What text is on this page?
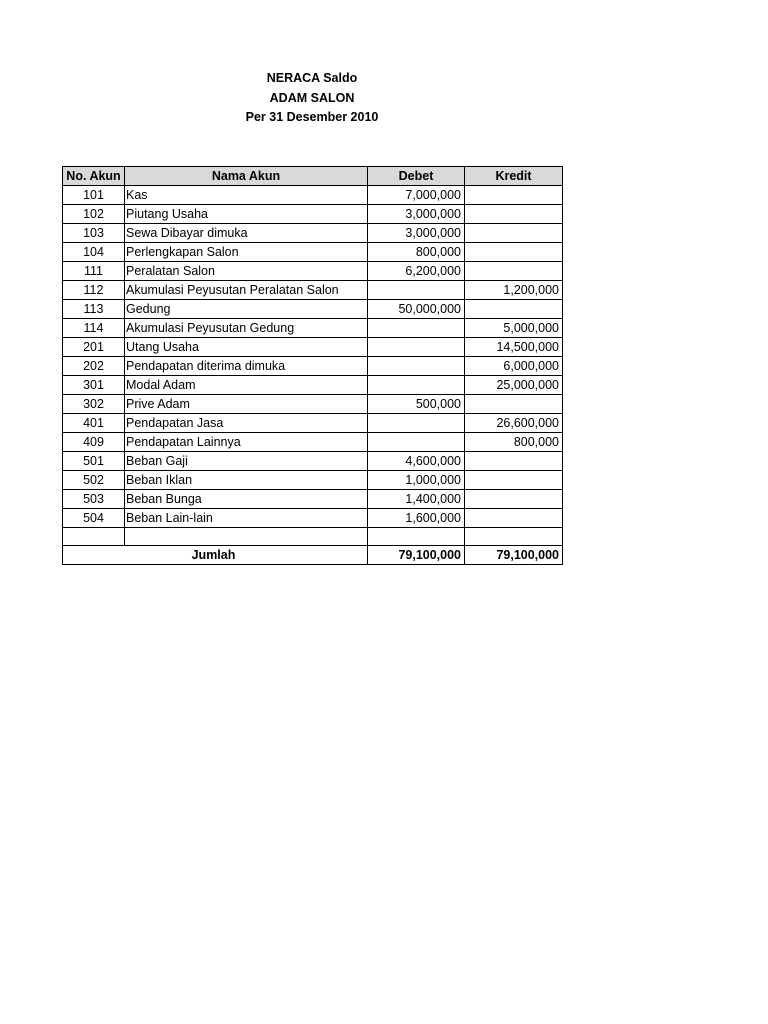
NERACA Saldo
ADAM SALON
Per 31 Desember 2010
No. Akun	Nama Akun	Debet	Kredit
101	Kas	7,000,000	
102	Piutang Usaha	3,000,000	
103	Sewa Dibayar dimuka	3,000,000	
104	Perlengkapan Salon	800,000	
111	Peralatan Salon	6,200,000	
112	Akumulasi Peyusutan Peralatan Salon		1,200,000
113	Gedung	50,000,000	
114	Akumulasi Peyusutan Gedung		5,000,000
201	Utang Usaha		14,500,000
202	Pendapatan diterima dimuka		6,000,000
301	Modal Adam		25,000,000
302	Prive Adam	500,000	
401	Pendapatan Jasa		26,600,000
409	Pendapatan Lainnya		800,000
501	Beban Gaji	4,600,000	
502	Beban Iklan	1,000,000	
503	Beban Bunga	1,400,000	
504	Beban Lain-lain	1,600,000	

Jumlah		79,100,000	79,100,000
